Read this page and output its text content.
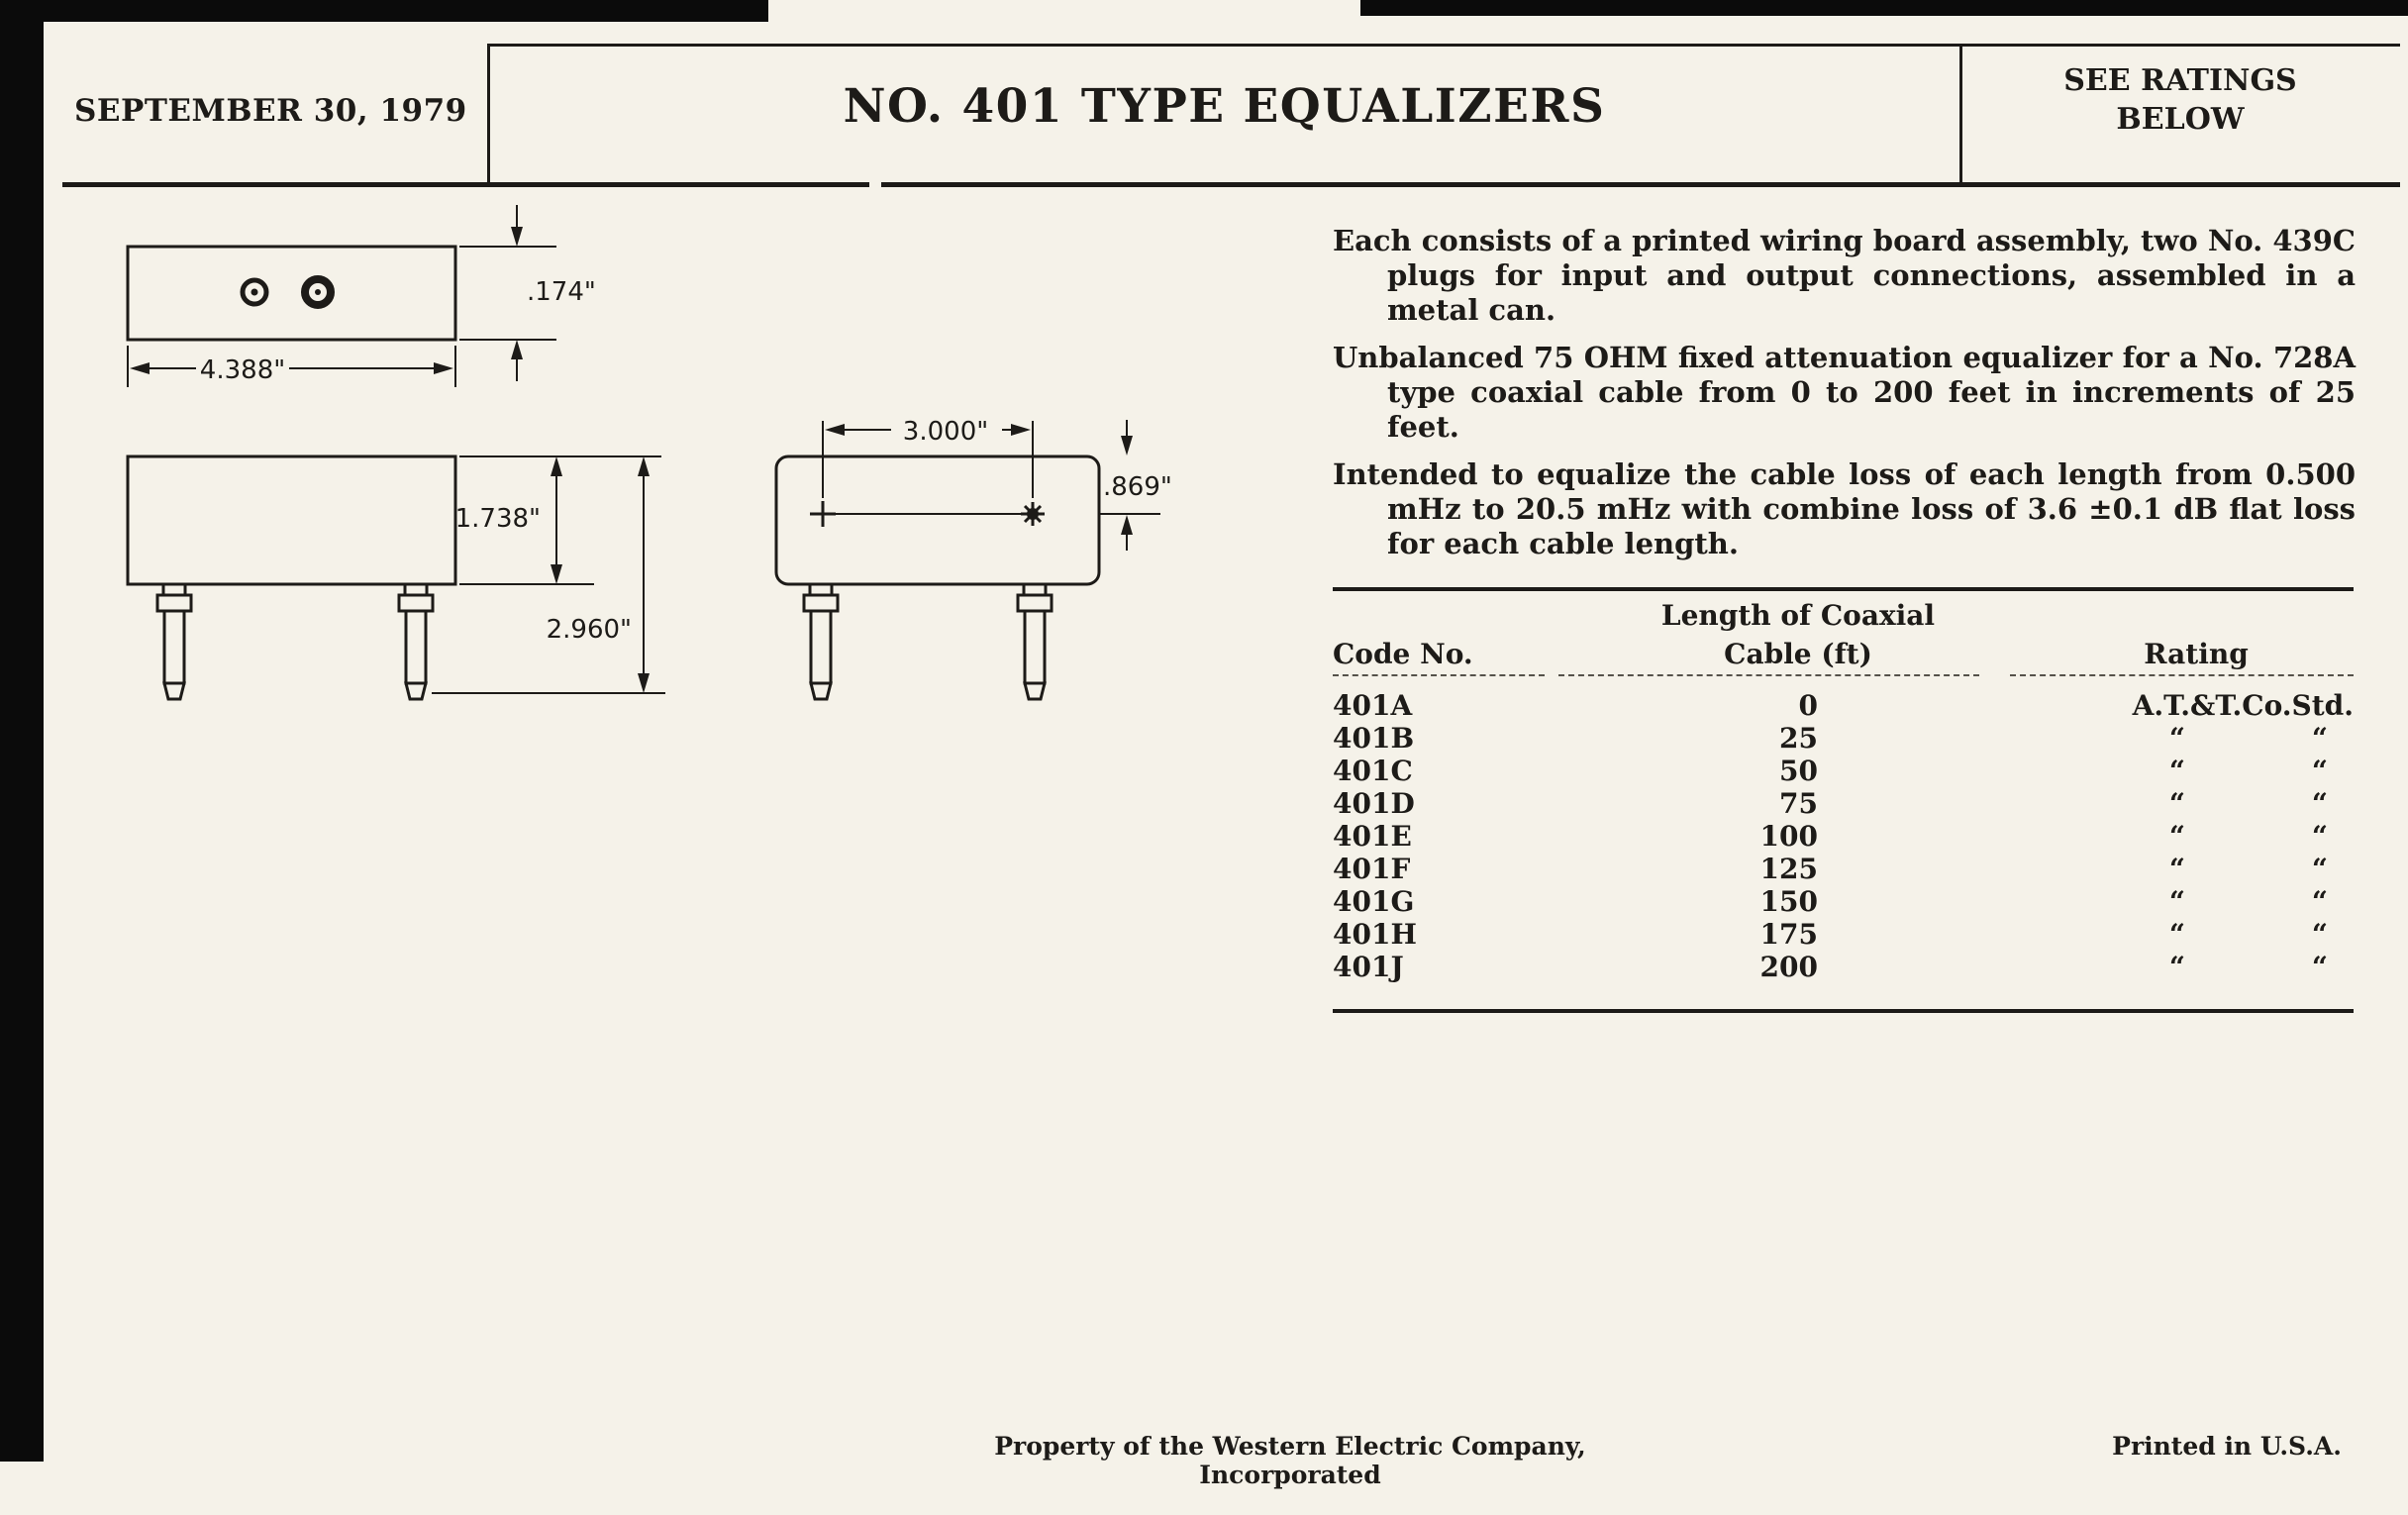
SEPTEMBER 30, 1979	NO. 401 TYPE EQUALIZERS	SEE RATINGS
BELOW
.174"
4.388"
1.738"
2.960"
3.000"
.869"

Each consists of a printed wiring board assembly, two No. 439C plugs for input and output connections, assembled in a metal can.

Unbalanced 75 OHM fixed attenuation equalizer for a No. 728A type coaxial cable from 0 to 200 feet in increments of 25 feet.

Intended to equalize the cable loss of each length from 0.500 mHz to 20.5 mHz with combine loss of 3.6 ±0.1 dB flat loss for each cable length.

Length of Coaxial
Code No.	Cable (ft)	Rating
401A	0	A.T.&T.Co.Std.
401B	25	“	“
401C	50	“	“
401D	75	“	“
401E	100	“	“
401F	125	“	“
401G	150	“	“
401H	175	“	“
401J	200	“	“
Property of the Western Electric Company, Incorporated
Printed in U.S.A.
